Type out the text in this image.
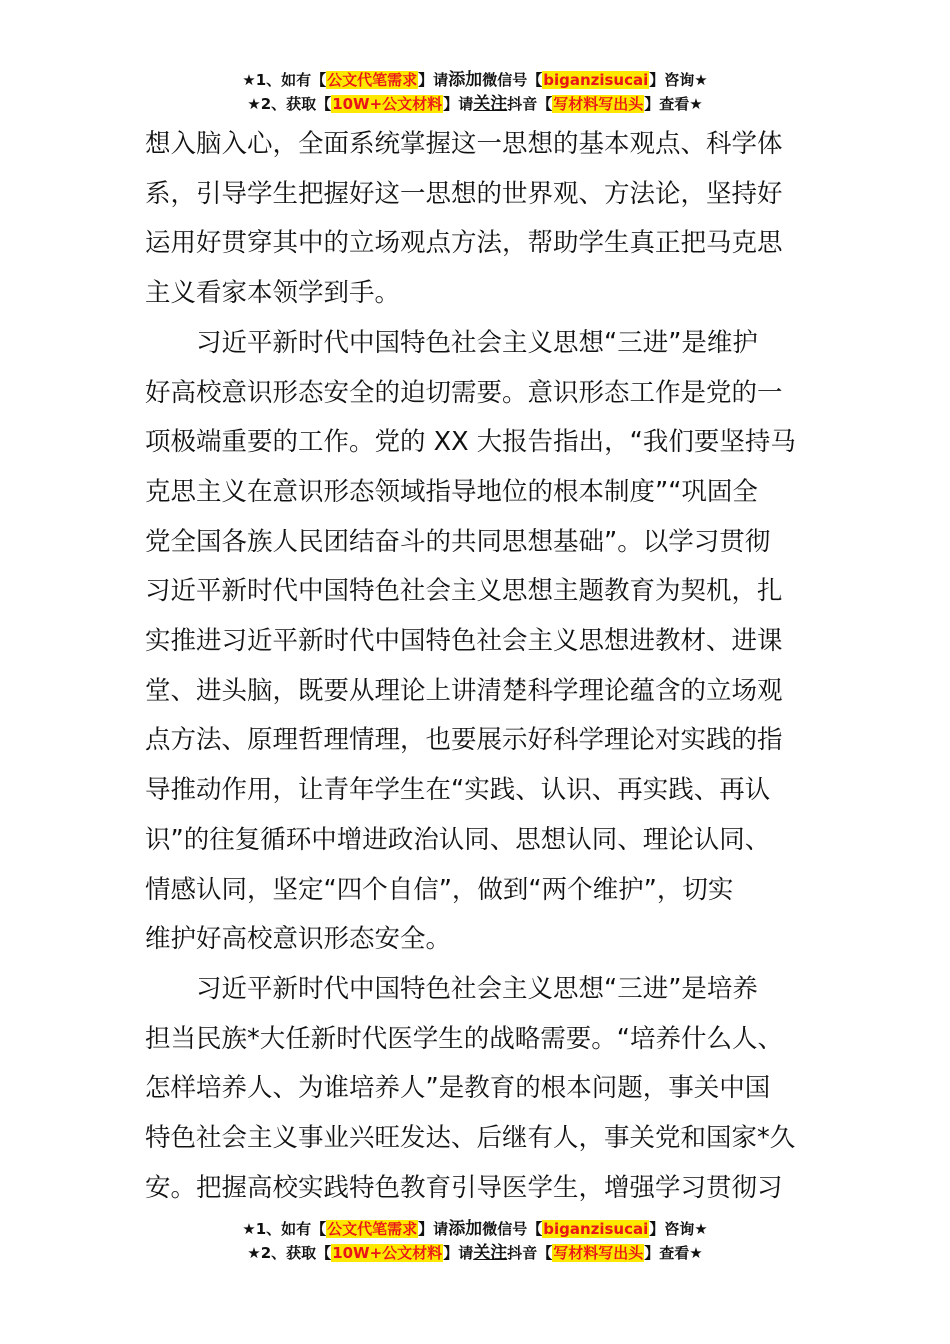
★1、如有【公文代笔需求】请添加微信号【biganzisucai】咨询★
★2、获取【10W+公文材料】请关注抖音【写材料写出头】查看★

想入脑入心，全面系统掌握这一思想的基本观点、科学体
系，引导学生把握好这一思想的世界观、方法论，坚持好
运用好贯穿其中的立场观点方法，帮助学生真正把马克思
主义看家本领学到手。

习近平新时代中国特色社会主义思想“三进”是维护
好高校意识形态安全的迫切需要。意识形态工作是党的一
项极端重要的工作。党的 XX 大报告指出，“我们要坚持马
克思主义在意识形态领域指导地位的根本制度”“巩固全
党全国各族人民团结奋斗的共同思想基础”。以学习贯彻
习近平新时代中国特色社会主义思想主题教育为契机，扎
实推进习近平新时代中国特色社会主义思想进教材、进课
堂、进头脑，既要从理论上讲清楚科学理论蕴含的立场观
点方法、原理哲理情理，也要展示好科学理论对实践的指
导推动作用，让青年学生在“实践、认识、再实践、再认
识”的往复循环中增进政治认同、思想认同、理论认同、
情感认同，坚定“四个自信”，做到“两个维护”，切实
维护好高校意识形态安全。

习近平新时代中国特色社会主义思想“三进”是培养
担当民族*大任新时代医学生的战略需要。“培养什么人、
怎样培养人、为谁培养人”是教育的根本问题，事关中国
特色社会主义事业兴旺发达、后继有人，事关党和国家*久
安。把握高校实践特色教育引导医学生，增强学习贯彻习

★1、如有【公文代笔需求】请添加微信号【biganzisucai】咨询★
★2、获取【10W+公文材料】请关注抖音【写材料写出头】查看★
